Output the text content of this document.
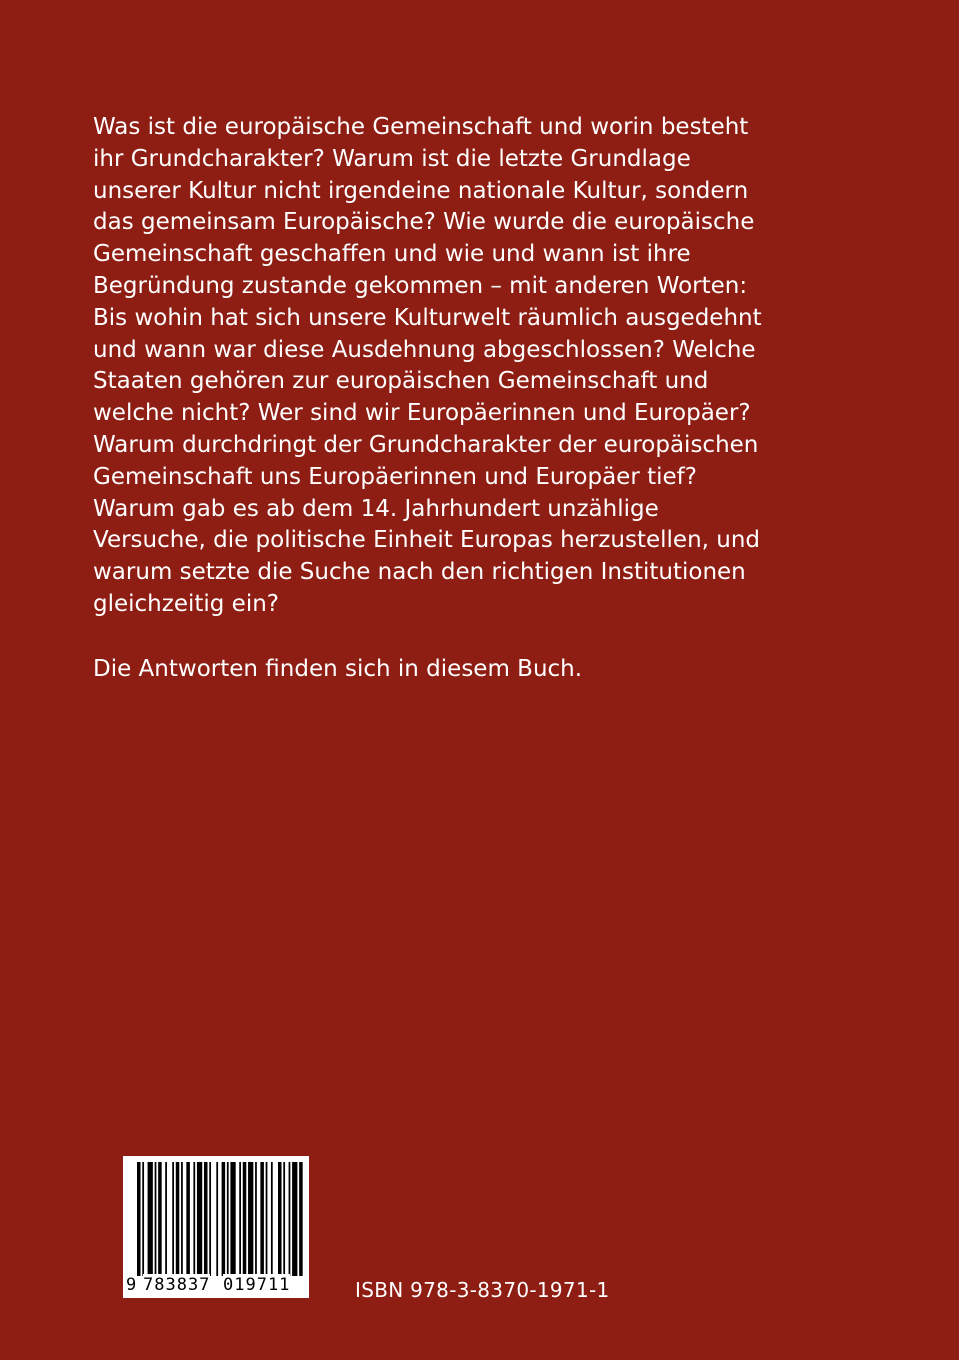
Was ist die europäische Gemeinschaft und worin besteht
ihr Grundcharakter? Warum ist die letzte Grundlage
unserer Kultur nicht irgendeine nationale Kultur, sondern
das gemeinsam Europäische? Wie wurde die europäische
Gemeinschaft geschaffen und wie und wann ist ihre
Begründung zustande gekommen – mit anderen Worten:
Bis wohin hat sich unsere Kulturwelt räumlich ausgedehnt
und wann war diese Ausdehnung abgeschlossen? Welche
Staaten gehören zur europäischen Gemeinschaft und
welche nicht? Wer sind wir Europäerinnen und Europäer?
Warum durchdringt der Grundcharakter der europäischen
Gemeinschaft uns Europäerinnen und Europäer tief?
Warum gab es ab dem 14. Jahrhundert unzählige
Versuche, die politische Einheit Europas herzustellen, und
warum setzte die Suche nach den richtigen Institutionen
gleichzeitig ein?
Die Antworten finden sich in diesem Buch.
9 783837 019711	ISBN 978-3-8370-1971-1
